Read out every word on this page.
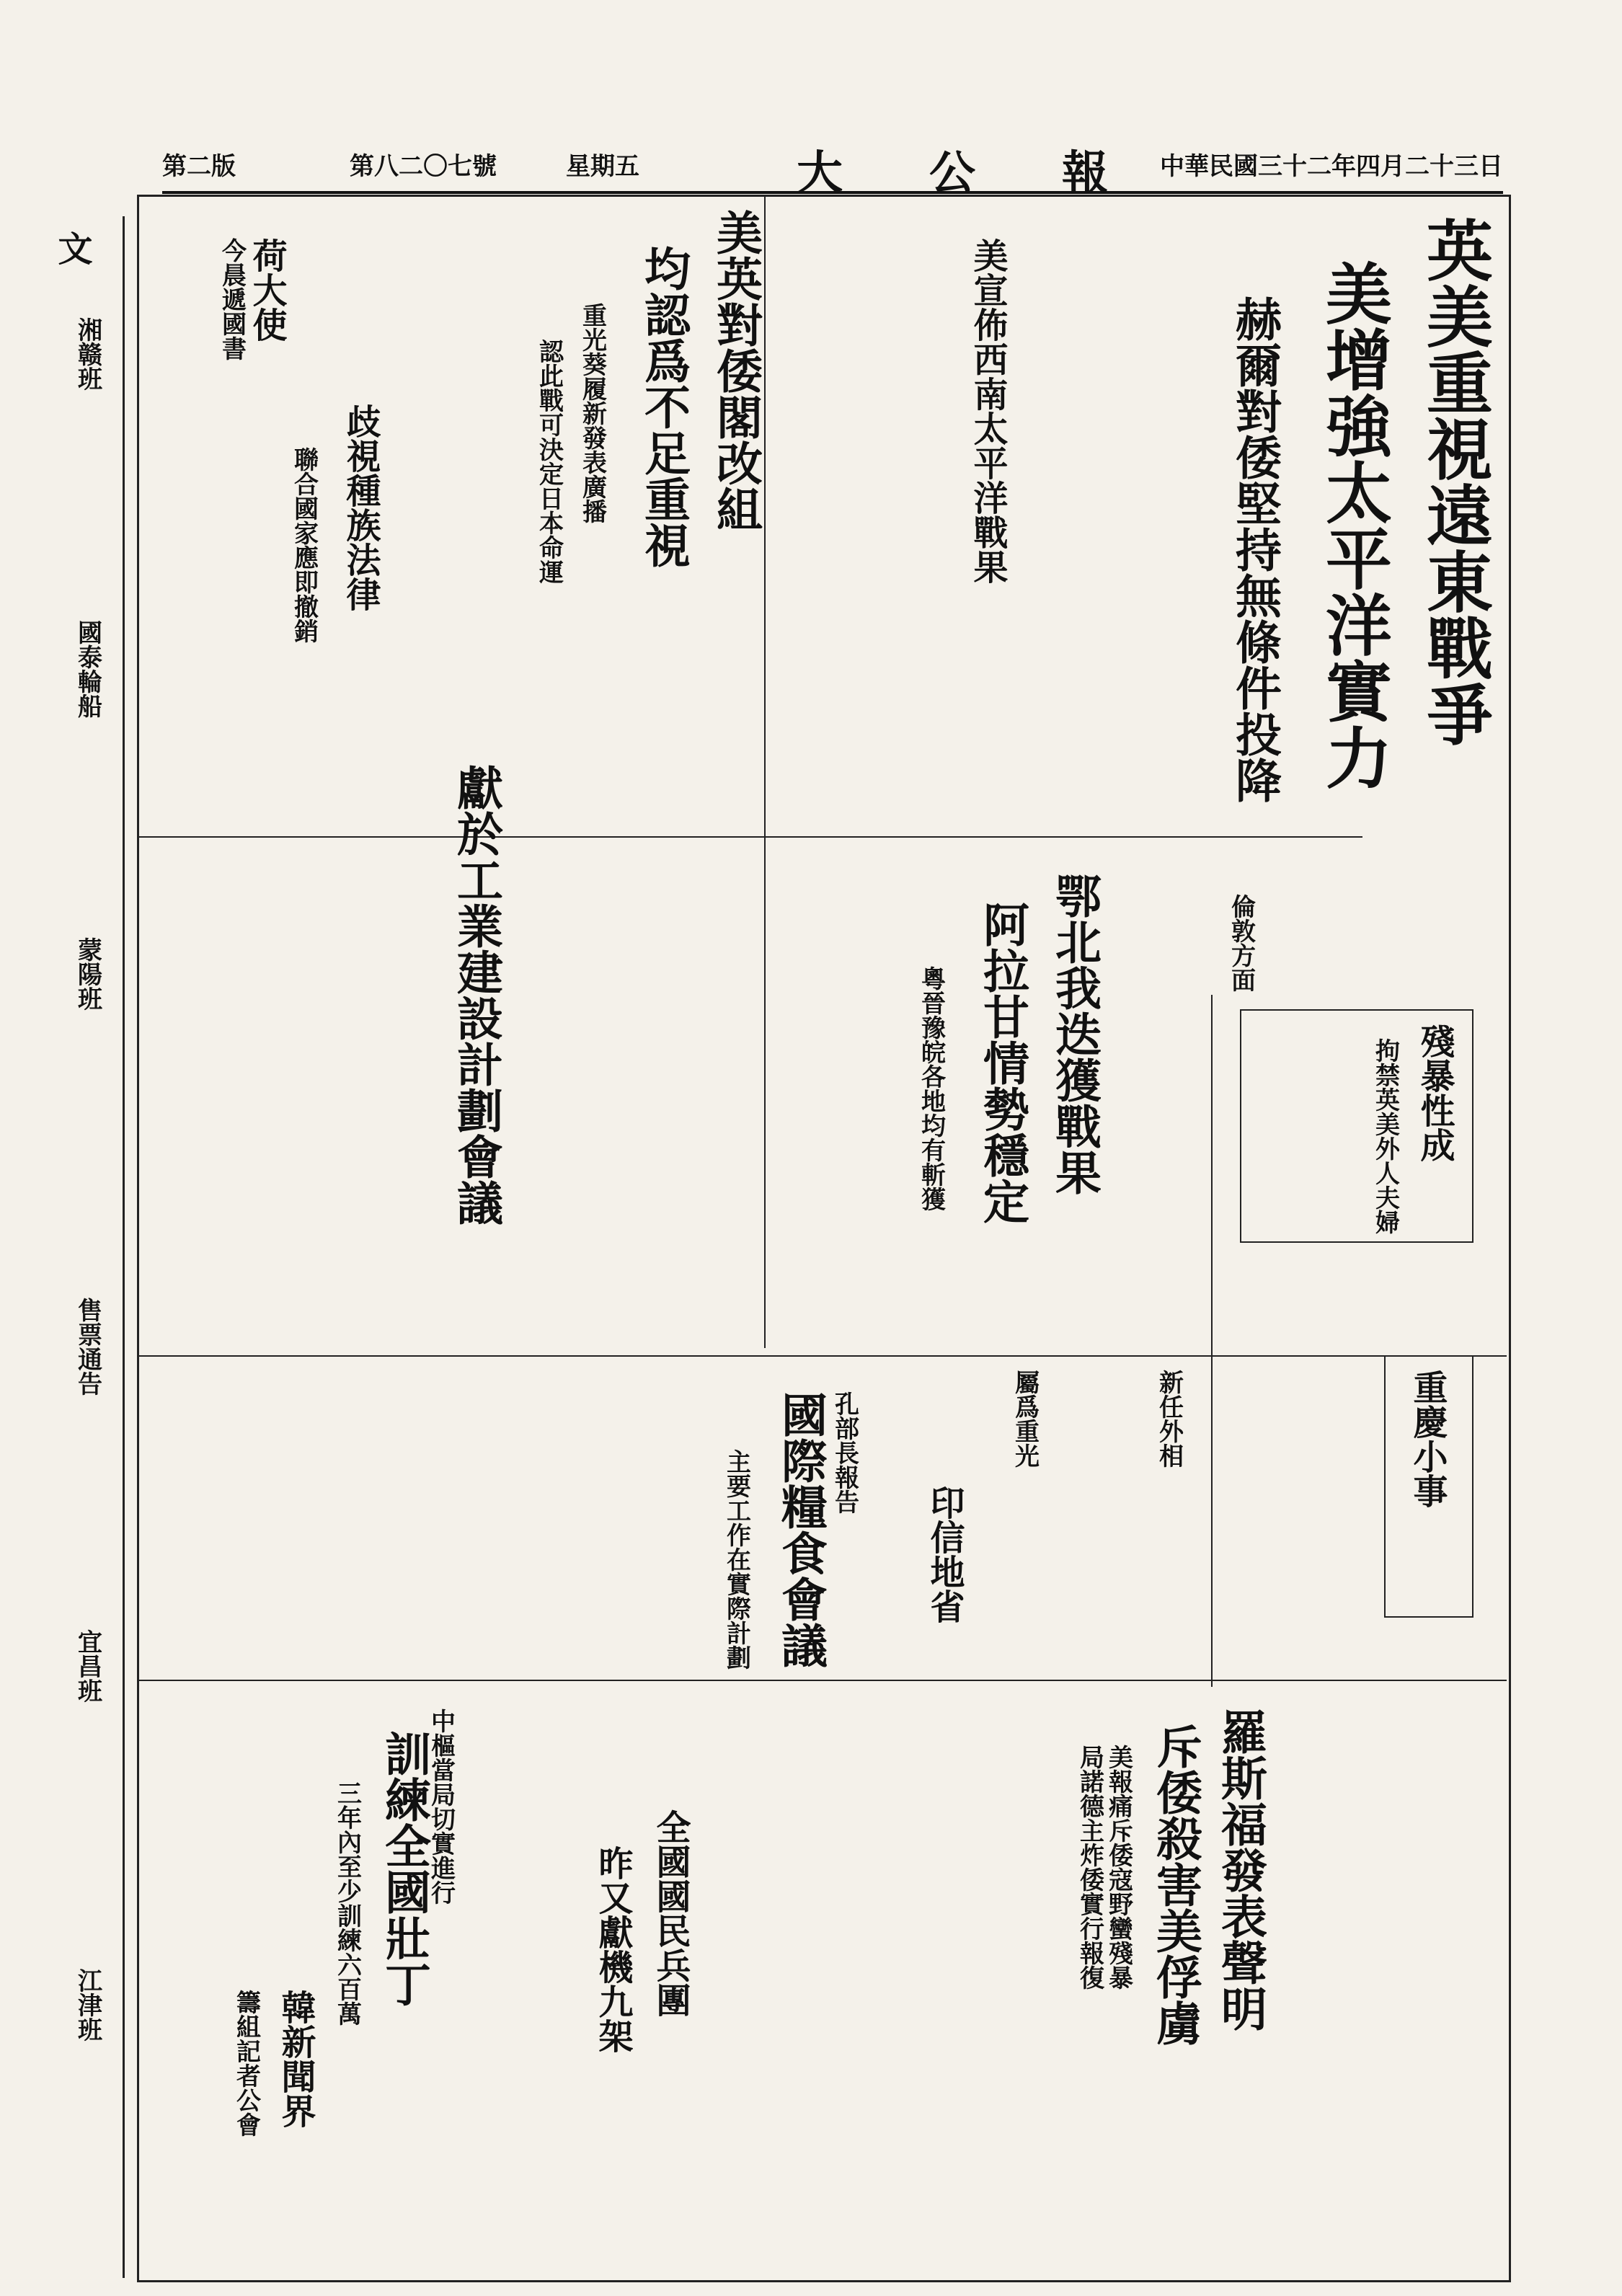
第二版	第八二〇七號	星期五	大公報
中華民國三十二年四月二十三日
文
湘赣班
國泰輪船
蒙陽班
售票通告
宜昌班
江津班
英美重視遠東戰爭
美增強太平洋實力
赫爾對倭堅持無條件投降
美英對倭閣改組
均認爲不足重視
重光葵履新發表廣播
認此戰可決定日本命運	美宣佈西南太平洋戰果
歧視種族法律
聯合國家應即撤銷
荷大使
今晨遞國書
獻於工業建設計劃會議	鄂北我迭獲戰果
阿拉甘情勢穩定
粵晉豫皖各地均有斬獲
倫敦方面
殘暴性成
拘禁英美外人夫婦
重慶小事
國際糧食會議
主要工作在實際計劃	孔部長報告	新任外相
屬爲重光
印信地省
羅斯福發表聲明
斥倭殺害美俘虜
美報痛斥倭寇野蠻殘暴
局諾德主炸倭實行報復
全國國民兵團
昨又獻機九架
中樞當局切實進行
訓練全國壯丁
三年內至少訓練六百萬
韓新聞界
籌組記者公會
